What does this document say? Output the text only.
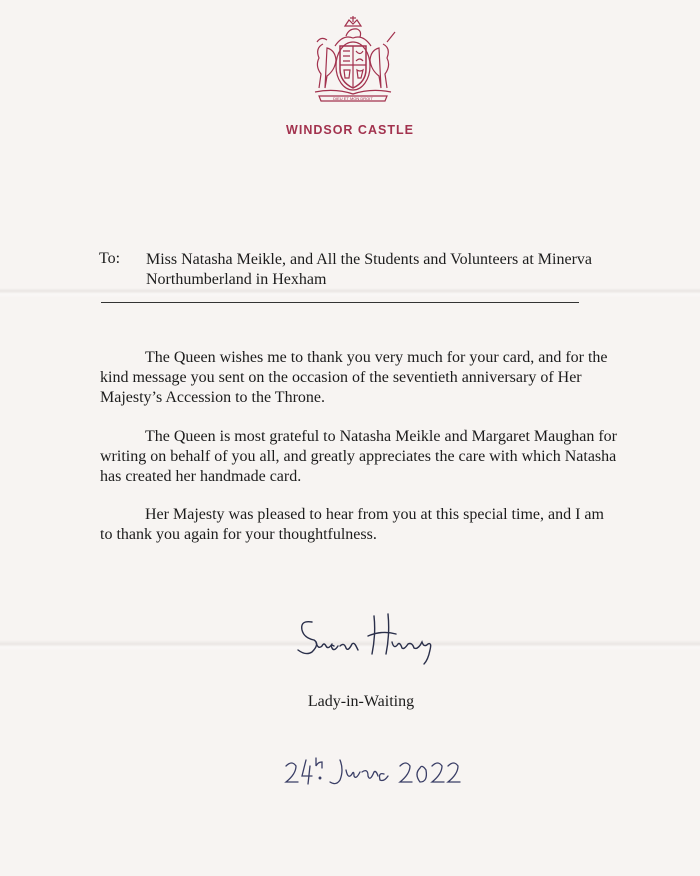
DIEU ET MON DROIT
WINDSOR CASTLE
To: Miss Natasha Meikle, and All the Students and Volunteers at Minerva Northumberland in Hexham
The Queen wishes me to thank you very much for your card, and for the kind message you sent on the occasion of the seventieth anniversary of Her Majesty’s Accession to the Throne.
The Queen is most grateful to Natasha Meikle and Margaret Maughan for writing on behalf of you all, and greatly appreciates the care with which Natasha has created her handmade card.
Her Majesty was pleased to hear from you at this special time, and I am to thank you again for your thoughtfulness.
Lady-in-Waiting
